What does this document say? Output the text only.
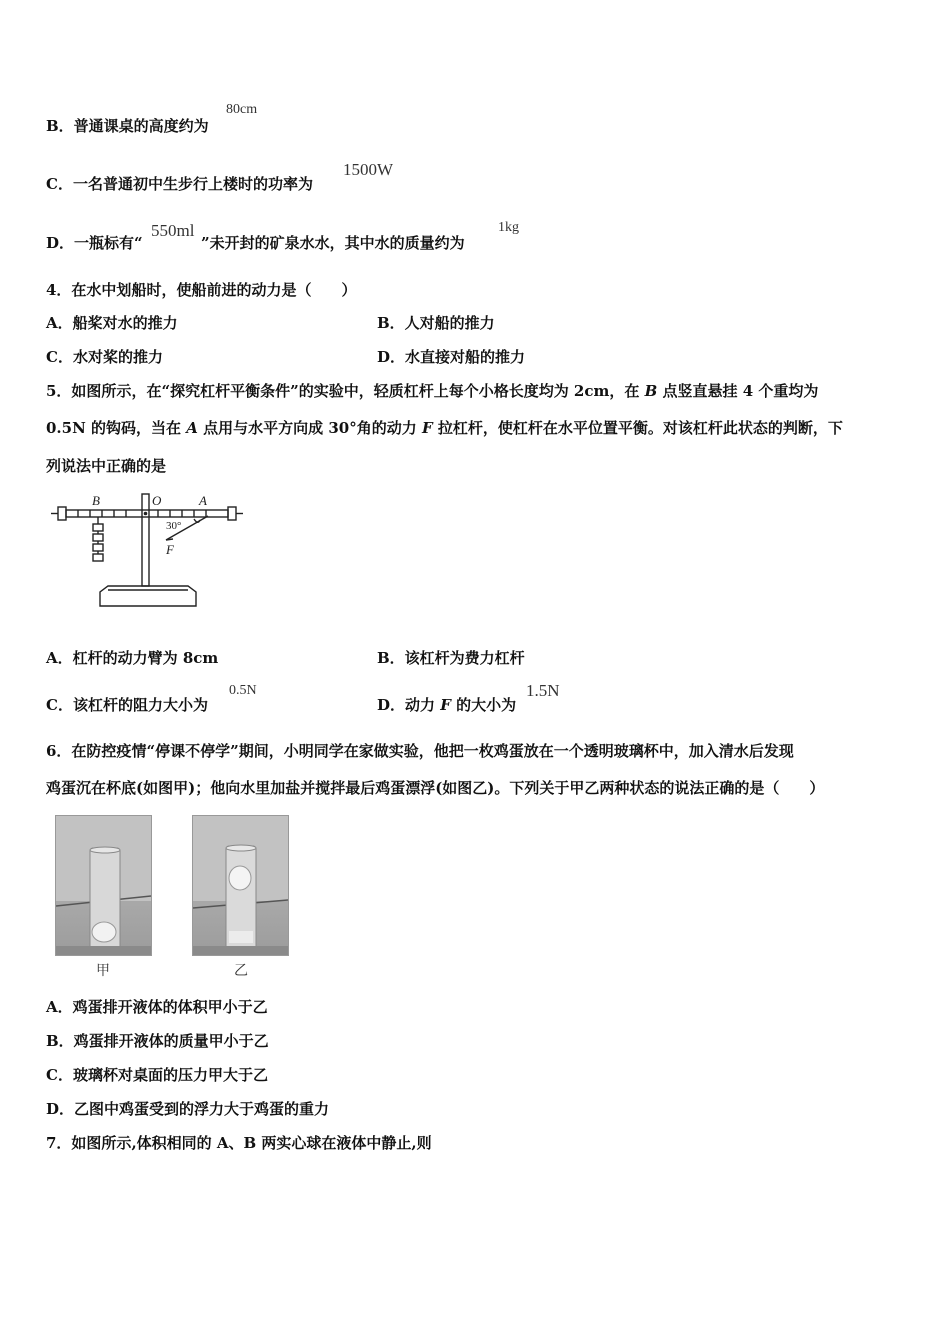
B．普通课桌的高度约为
80cm
C．一名普通初中生步行上楼时的功率为
1500W
D．一瓶标有“
550ml
”未开封的矿泉水水，其中水的质量约为
1kg
4．在水中划船时，使船前进的动力是（　　）
A．船桨对水的推力	B．人对船的推力
C．水对桨的推力	D．水直接对船的推力
5．如图所示，在“探究杠杆平衡条件”的实验中，轻质杠杆上每个小格长度均为 2cm，在 B 点竖直悬挂 4 个重均为
0.5N 的钩码，当在 A 点用与水平方向成 30°角的动力 F 拉杠杆，使杠杆在水平位置平衡。对该杠杆此状态的判断，下
列说法中正确的是
B	O	A
30°
F
A．杠杆的动力臂为 8cm	B．该杠杆为费力杠杆
C．该杠杆的阻力大小为
0.5N
D．动力 F 的大小为
1.5N
6．在防控疫情“停课不停学”期间，小明同学在家做实验，他把一枚鸡蛋放在一个透明玻璃杯中，加入清水后发现
鸡蛋沉在杯底(如图甲)；他向水里加盐并搅拌最后鸡蛋漂浮(如图乙)。下列关于甲乙两种状态的说法正确的是（　　）
甲	乙
A．鸡蛋排开液体的体积甲小于乙
B．鸡蛋排开液体的质量甲小于乙
C．玻璃杯对桌面的压力甲大于乙
D．乙图中鸡蛋受到的浮力大于鸡蛋的重力
7．如图所示,体积相同的 A、B 两实心球在液体中静止,则
